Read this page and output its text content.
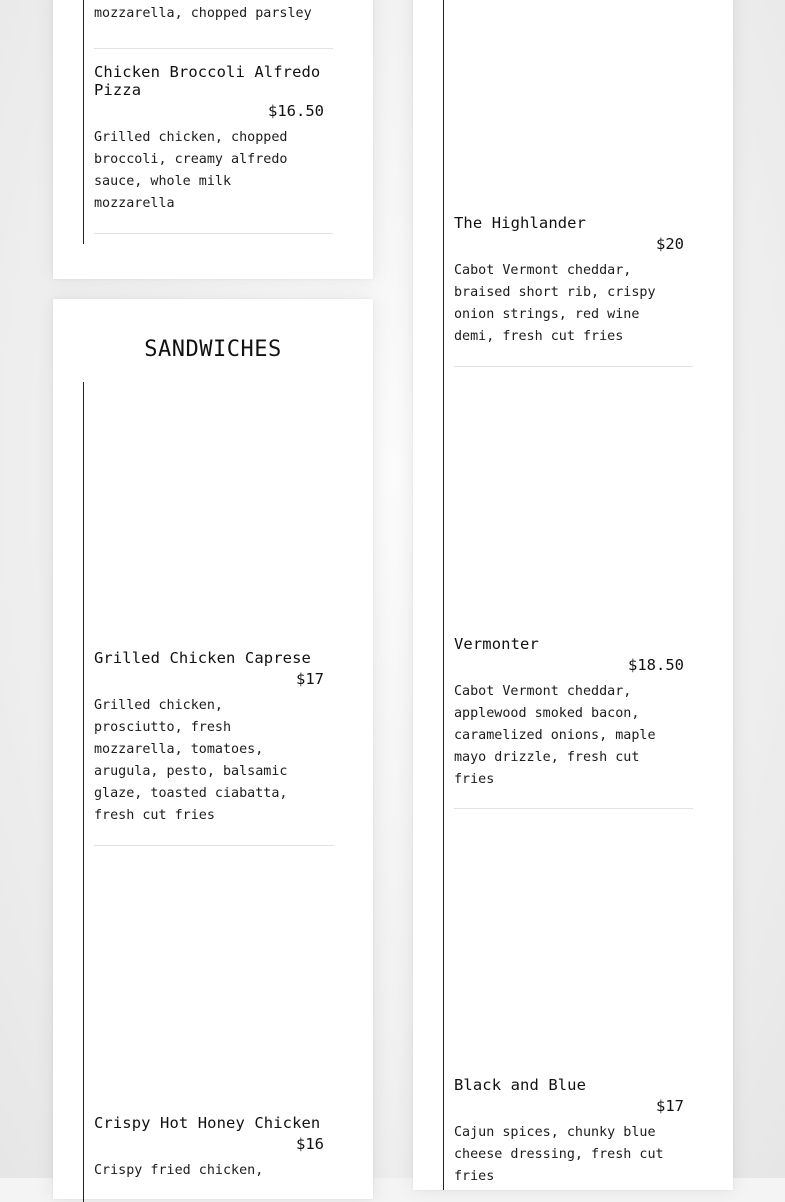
mozzarella, chopped parsley
Chicken Broccoli Alfredo Pizza
$16.50
Grilled chicken, chopped broccoli, creamy alfredo sauce, whole milk mozzarella
SANDWICHES
Grilled Chicken Caprese
$17
Grilled chicken, prosciutto, fresh mozzarella, tomatoes, arugula, pesto, balsamic glaze, toasted ciabatta, fresh cut fries
Crispy Hot Honey Chicken
$16
Crispy fried chicken,
The Highlander
$20
Cabot Vermont cheddar, braised short rib, crispy onion strings, red wine demi, fresh cut fries
Vermonter
$18.50
Cabot Vermont cheddar, applewood smoked bacon, caramelized onions, maple mayo drizzle, fresh cut fries
Black and Blue
$17
Cajun spices, chunky blue cheese dressing, fresh cut fries
